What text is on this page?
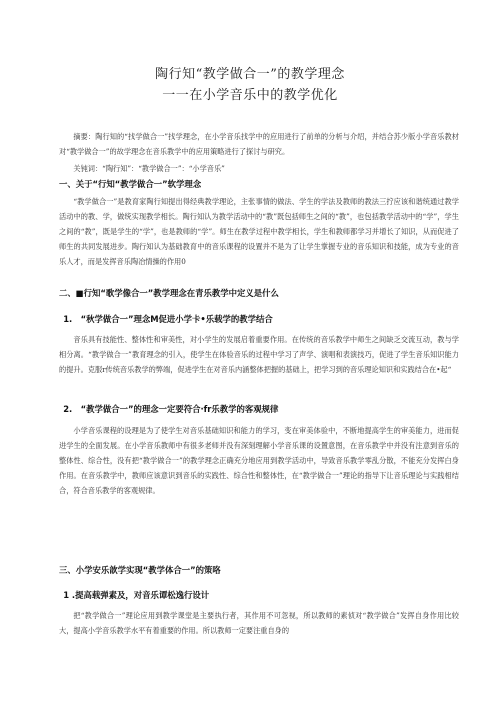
陶行知“教学做合一”的教学理念
一一在小学音乐中的教学优化

摘要：陶行知的“找学做合一”找学理念，在小学音乐找学中的应用进行了前单的分析与介绍，并结合苏少版小学音乐教材对“教学做合一”的故学理念在音乐教学中的应用策略进行了探讨与研究。

关钝词：“陶行知”：“教学做合一”：“小学音乐”

一、关于“行知“教学做合一”软学理念

“教学做合一”是教育家陶行知提出得经典教学理论，主张事情的做法、学生的学法及教师的教法三拧应该和谐统通过教学活动中的教、学，做统实现教学相长。陶行知认为教学活动中的“教”既包括师生之间的“教”，也包括教学活动中的“学”，学生之间的“教”，既是学生的“学”，也是教师的“学”。师生在教学过程中教学相长，学生和教师都学习并增长了知识，从而促进了师生的共同发展进步。陶行知认为基础教育中的音乐课程的设置并不是为了让学生掌握专业的音乐知识和技能，成为专业的音乐人才，而是发挥音乐陶冶情操的作用0

二、■行知“歌学像合一”教学理念在青乐教学中定义是什么

1.　“秋学做合一”理念M促进小学卡•乐载学的教学结合

音乐具有技能性、整体性和审美性，对小学生的发展启着重要作用。在传统的音乐教学中师生之间缺乏交流互动，教与学相分离。“教学做合一”教育理念的引入，使学生在体验音乐的过程中学习了声学、演唱和表演技巧，促进了学生音乐知识能力的提升。克服r传统音乐教学的弊端，促进学生在对音乐内涵整体把握的基础上，把学习到的音乐理论知识和实践结合在•起“

2.　“教学做合一”的理念一定要符合·fr乐教学的客观规律

小学音乐课程的设理是为了使学生对音乐基础知识和能力的学习，变在审美体验中，不断地提高学生的审美能力，进而促进学生的全面发展。在小学音乐教师中有很多老师并没有深刻理解小学音乐课的设置意图，在音乐教学中并没有注意到音乐的整体性、综合性，没有把“教学做合一”的教学理念正确充分地应用到教学活动中，导致音乐教学零乱分散，不能充分发挥白身作用。在音乐教学中，教师应该意识到音乐的实践性、综合性和整体性，在“教学做合一”理论的指导下让音乐理论与实践相结合，符合音乐教学的客观规律。

三、小学安乐歆学实现“教学体合一”的策咯

1 .提高载弹素及，对音乐谭松逸行设计

把“教学做合一”理论应用到教学课堂是主要执行者，其作用不可忽视，所以教师的素侦对“教学做合”发挥自身作用比较大，提高小学音乐教学水平有着重要的作用。所以教师一定要注重自身的
